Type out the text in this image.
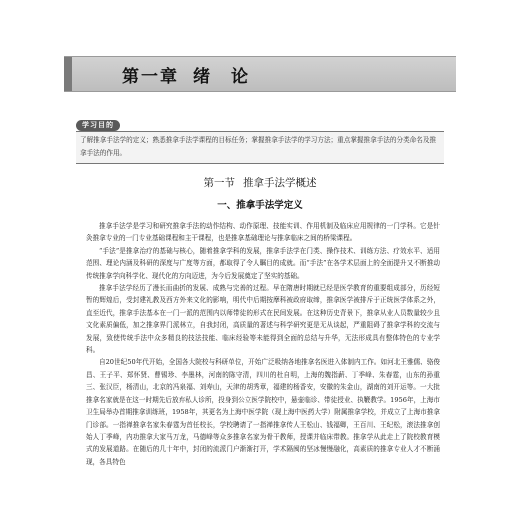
第一章 绪　论
学习目的

了解推拿手法学的定义；熟悉推拿手法学课程的目标任务；掌握推拿手法学的学习方法；重点掌握推拿手法的分类命名及推拿手法的作用。

第一节 推拿手法学概述
一、推拿手法学定义

推拿手法学是学习和研究推拿手法的动作结构、动作原理、技能实训、作用机制及临床应用规律的一门学科。它是针灸推拿专业的一门专业基础课程和主干课程，也是推拿基础理论与推拿临床之间的桥梁课程。

“手法”是推拿治疗的基础与核心，随着推拿学科的发展，推拿手法学在门类、操作技术、训练方法、疗效水平、适用范围、理论内涵及科研的深度与广度等方面，都取得了令人瞩目的成就。而“手法”在各学术层面上的全面提升又不断推动传统推拿学向科学化、现代化的方向迈进，为今后发展奠定了坚实的基础。

推拿手法学经历了漫长而曲折的发展、成熟与完善的过程。早在隋唐时期就已经是医学教育的重要组成部分，历经短暂的辉煌后，受封建礼教及西方外来文化的影响，明代中后期按摩科被政府取缔，推拿医学被排斥于正统医学体系之外，直至近代，推拿手法基本在一门一派的范围内以师带徒的形式在民间发展。在这种历史背景下，推拿从业人员数量较少且文化素质偏低，加之推拿界门派林立，自我封闭，高质量的著述与科学研究更是无从谈起，严重阻碍了推拿学科的交流与发展，致使传统手法中众多精良的技法技能、临床经验等未能得到全面的总结与升华，无法形成具有整体特色的专业学科。

自20世纪50年代开始，全国各大院校与科研单位，开始广泛吸纳各地推拿名医进入体制内工作。如河北王雅儒、骆俊昌、王子平、郑怀贤、曹锡珍、李墨林，河南的陈守清，四川的杜自明，上海的魏指薪、丁季峰、朱春霆，山东的孙重三、张汉臣，杨清山，北京的冯泉福、刘寿山，天津的胡秀章，福建的杨香安，安徽的朱金山，湖南的刘开运等。一大批推拿名家就是在这一时期先后放弃私人诊所，投身到公立医学院校中，悬壶临诊、带徒授业、执鞭教学。1956年，上海市卫生局举办首期推拿训练班，1958年，其更名为上海中医学院（现上海中医药大学）附属推拿学校，并成立了上海市推拿门诊部。一指禅推拿名家朱春霆为首任校长，学校聘请了一指禅推拿传人王松山、钱福卿，王百川、王纪松，滚法推拿创始人丁季峰，内功推拿大家马万龙，马德峰等众多推拿名家为骨干教师，授课并临床带教。推拿学从此走上了院校教育模式的发展道路。在随后的几十年中，封闭的流派门户渐渐打开，学术隔阂的坚冰慢慢融化，高素质的推拿专业人才不断涌现，各具特色
